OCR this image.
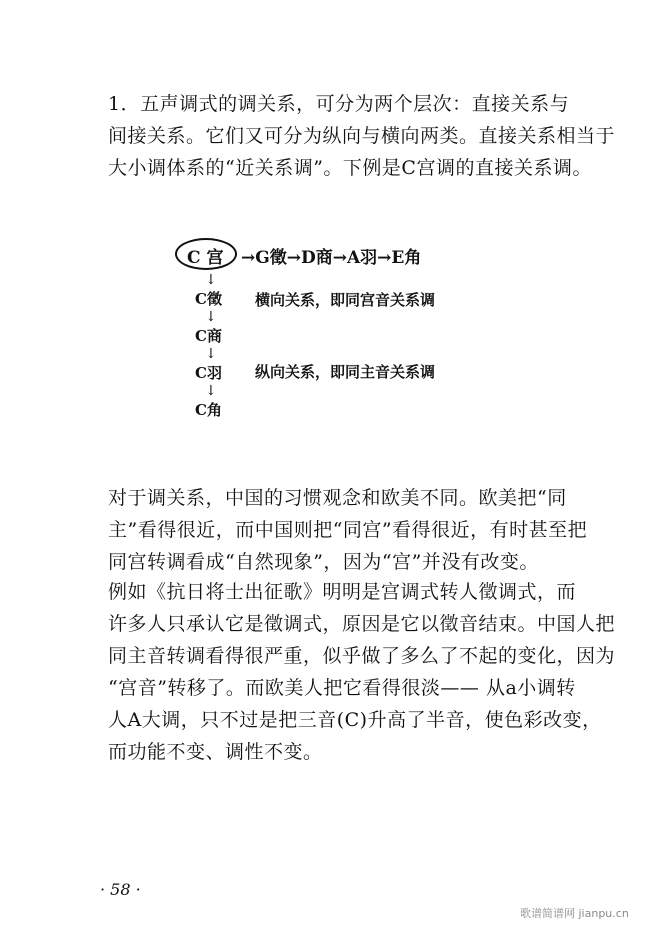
1．五声调式的调关系，可分为两个层次：直接关系与
间接关系。它们又可分为纵向与横向两类。直接关系相当于
大小调体系的“近关系调”。下例是C宫调的直接关系调。
C 宫 →G徵→D商→A羽→E角
↓
C徵 横向关系，即同宫音关系调
↓
C商
↓
C羽 纵向关系，即同主音关系调
↓
C角
对于调关系，中国的习惯观念和欧美不同。欧美把“同
主”看得很近，而中国则把“同宫”看得很近，有时甚至把
同宫转调看成“自然现象”，因为“宫”并没有改变。
例如《抗日将士出征歌》明明是宫调式转人徵调式，而
许多人只承认它是徵调式，原因是它以徵音结束。中国人把
同主音转调看得很严重，似乎做了多么了不起的变化，因为
“宫音”转移了。而欧美人把它看得很淡—— 从a小调转
人A大调，只不过是把三音(C)升高了半音，使色彩改变，
而功能不变、调性不变。
· 58 ·
歌谱简谱网 jianpu.cn
